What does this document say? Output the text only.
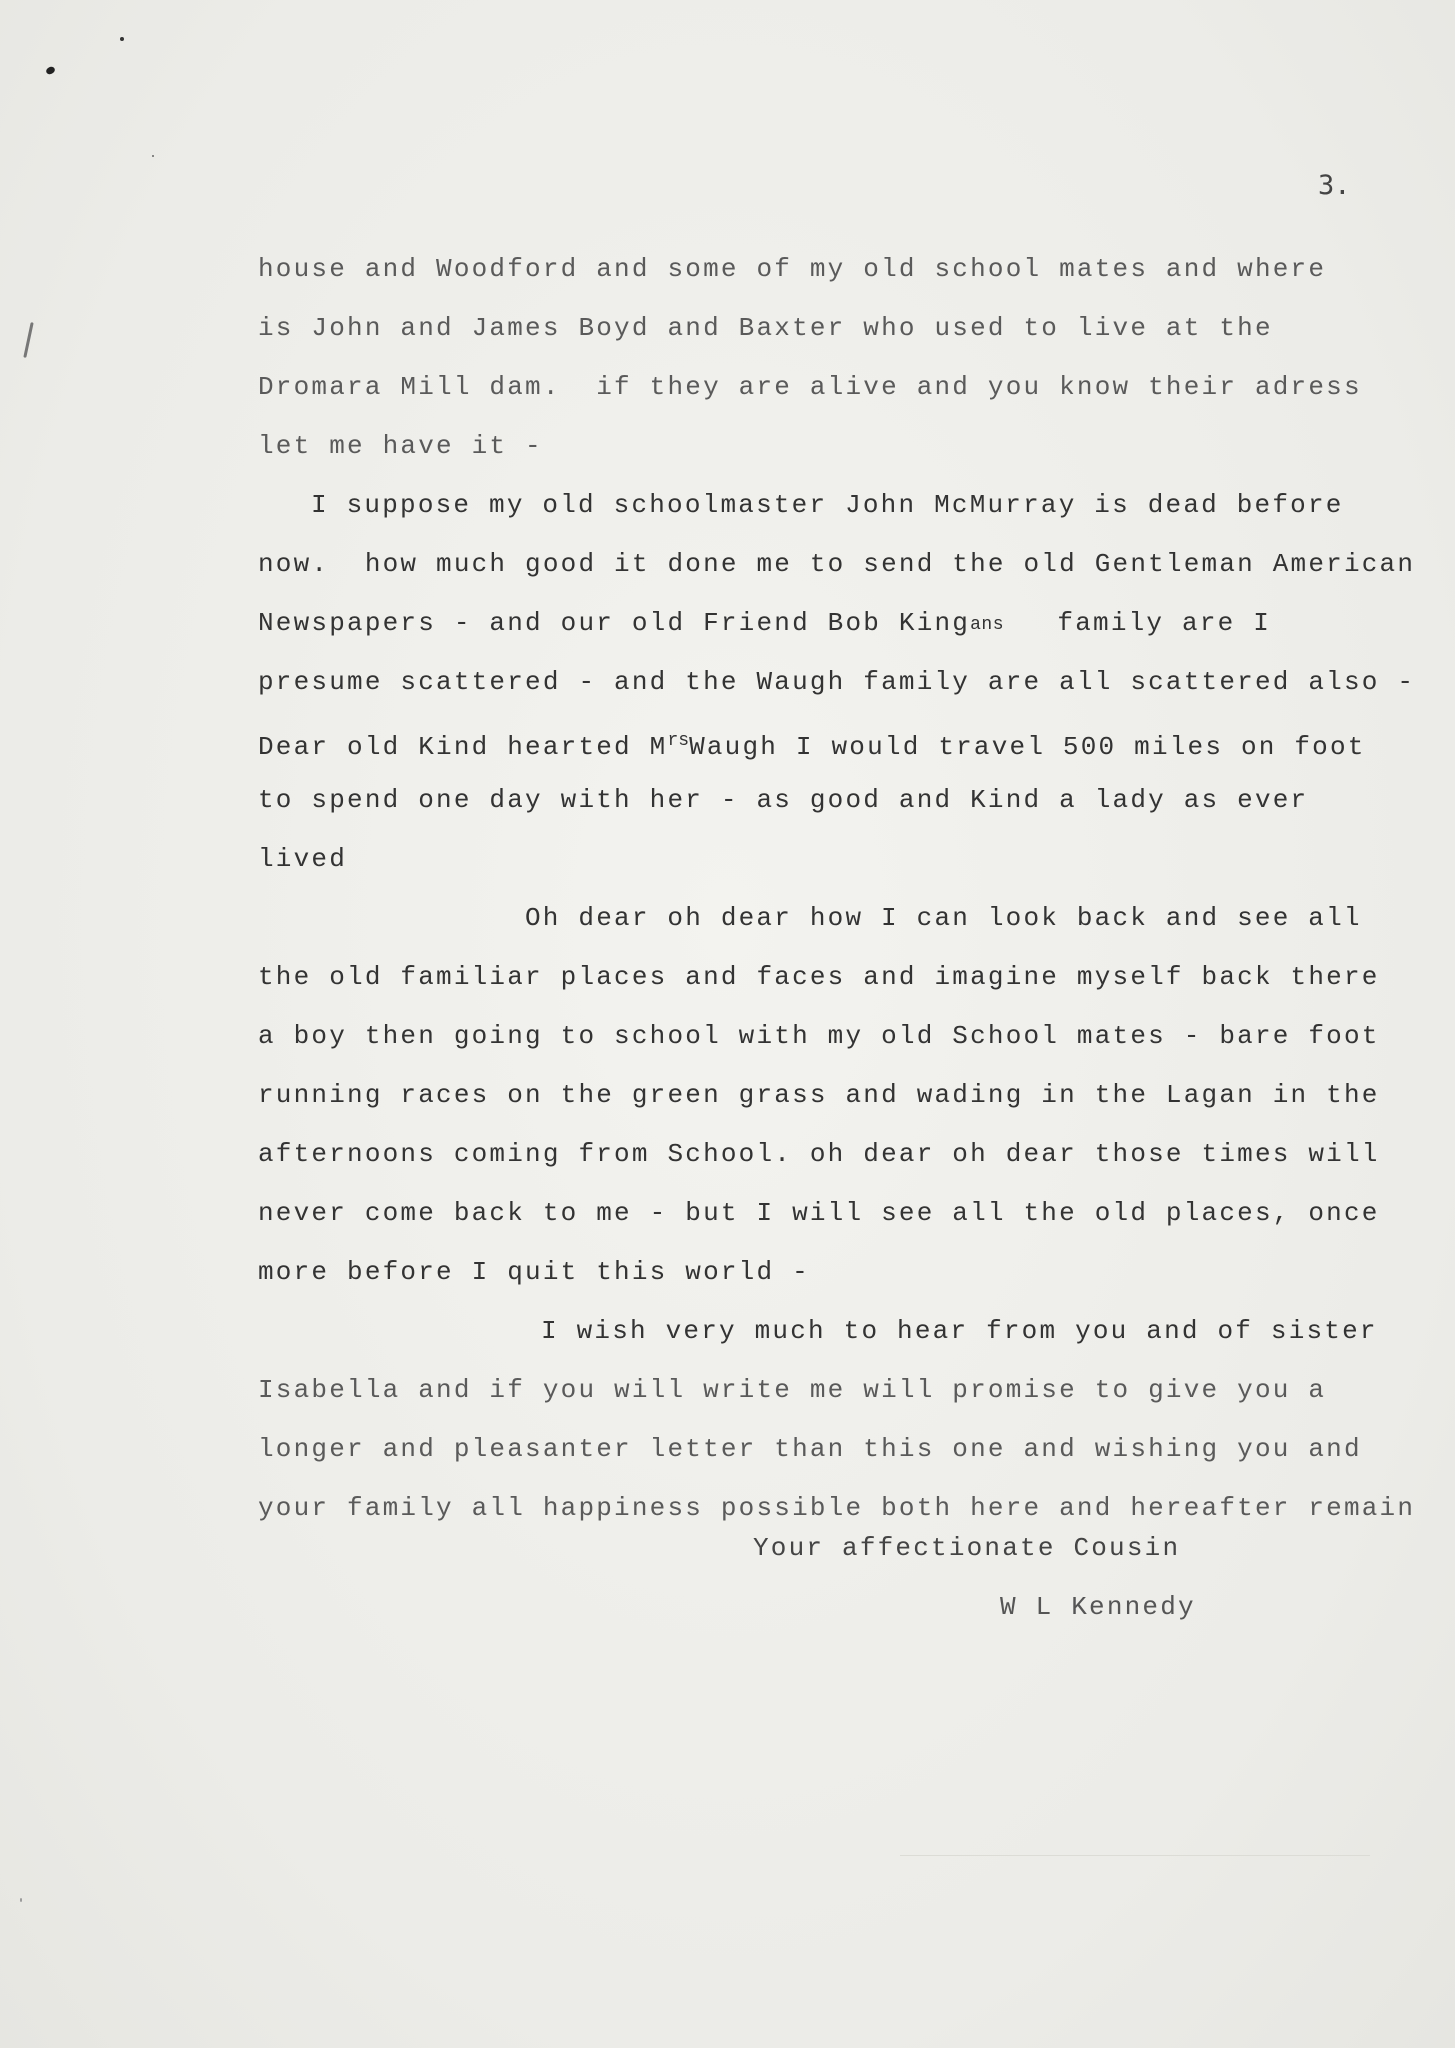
3.
house and Woodford and some of my old school mates and where
is John and James Boyd and Baxter who used to live at the
Dromara Mill dam.  if they are alive and you know their adress
let me have it -
I suppose my old schoolmaster John McMurray is dead before
now.  how much good it done me to send the old Gentleman American
Newspapers - and our old Friend Bob Kingans   family are I
presume scattered - and the Waugh family are all scattered also -
Dear old Kind hearted $M^{rs}Waugh$ I would travel 500 miles on foot
to spend one day with her - as good and Kind a lady as ever
lived
Oh dear oh dear how I can look back and see all
the old familiar places and faces and imagine myself back there
a boy then going to school with my old School mates - bare foot
running races on the green grass and wading in the Lagan in the
afternoons coming from School. oh dear oh dear those times will
never come back to me - but I will see all the old places, once
more before I quit this world -
I wish very much to hear from you and of sister
Isabella and if you will write me will promise to give you a
longer and pleasanter letter than this one and wishing you and
your family all happiness possible both here and hereafter remain
Your affectionate Cousin
W L Kennedy
